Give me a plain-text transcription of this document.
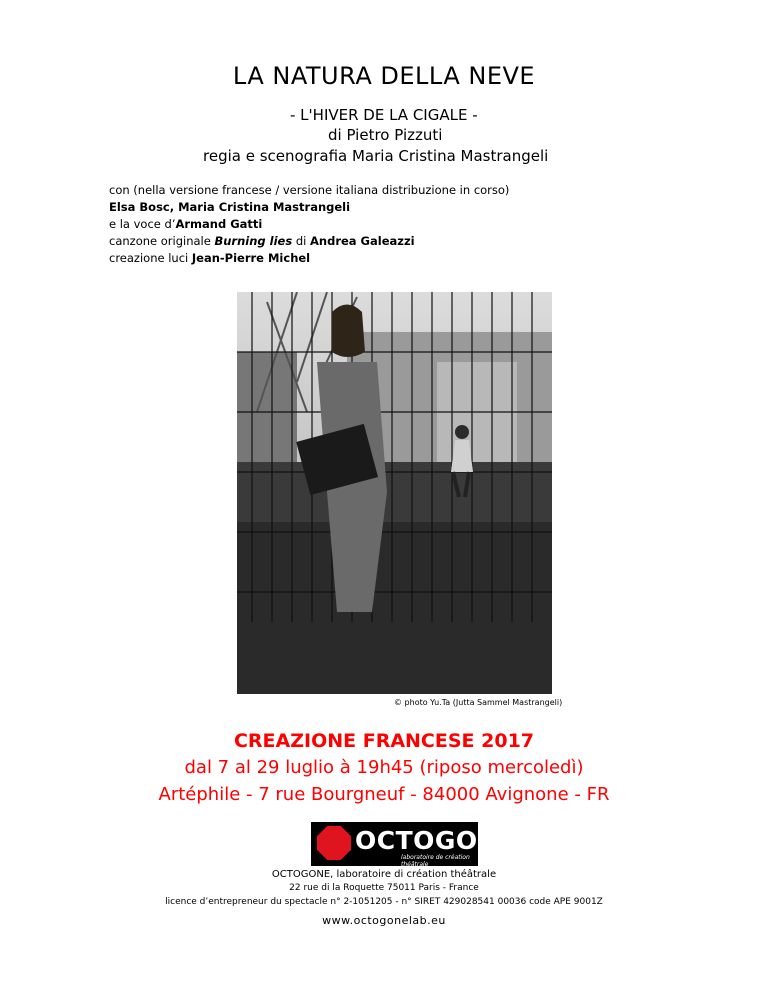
LA NATURA DELLA NEVE
- L'HIVER DE LA CIGALE -
di Pietro Pizzuti
regia e scenografia Maria Cristina Mastrangeli
con (nella versione francese / versione italiana distribuzione in corso)
Elsa Bosc, Maria Cristina Mastrangeli
e la voce d’Armand Gatti
canzone originale Burning lies di Andrea Galeazzi
creazione luci Jean-Pierre Michel
© photo Yu.Ta (Jutta Sammel Mastrangeli)
CREAZIONE FRANCESE 2017
dal 7 al 29 luglio à 19h45 (riposo mercoledì)
Artéphile - 7 rue Bourgneuf - 84000 Avignone - FR
OCTOGONE
laboratoire de création théâtrale
OCTOGONE, laboratoire di création théâtrale
22 rue di la Roquette 75011 Paris - France
licence d’entrepreneur du spectacle n° 2-1051205 - n° SIRET 429028541 00036 code APE 9001Z
www.octogonelab.eu
